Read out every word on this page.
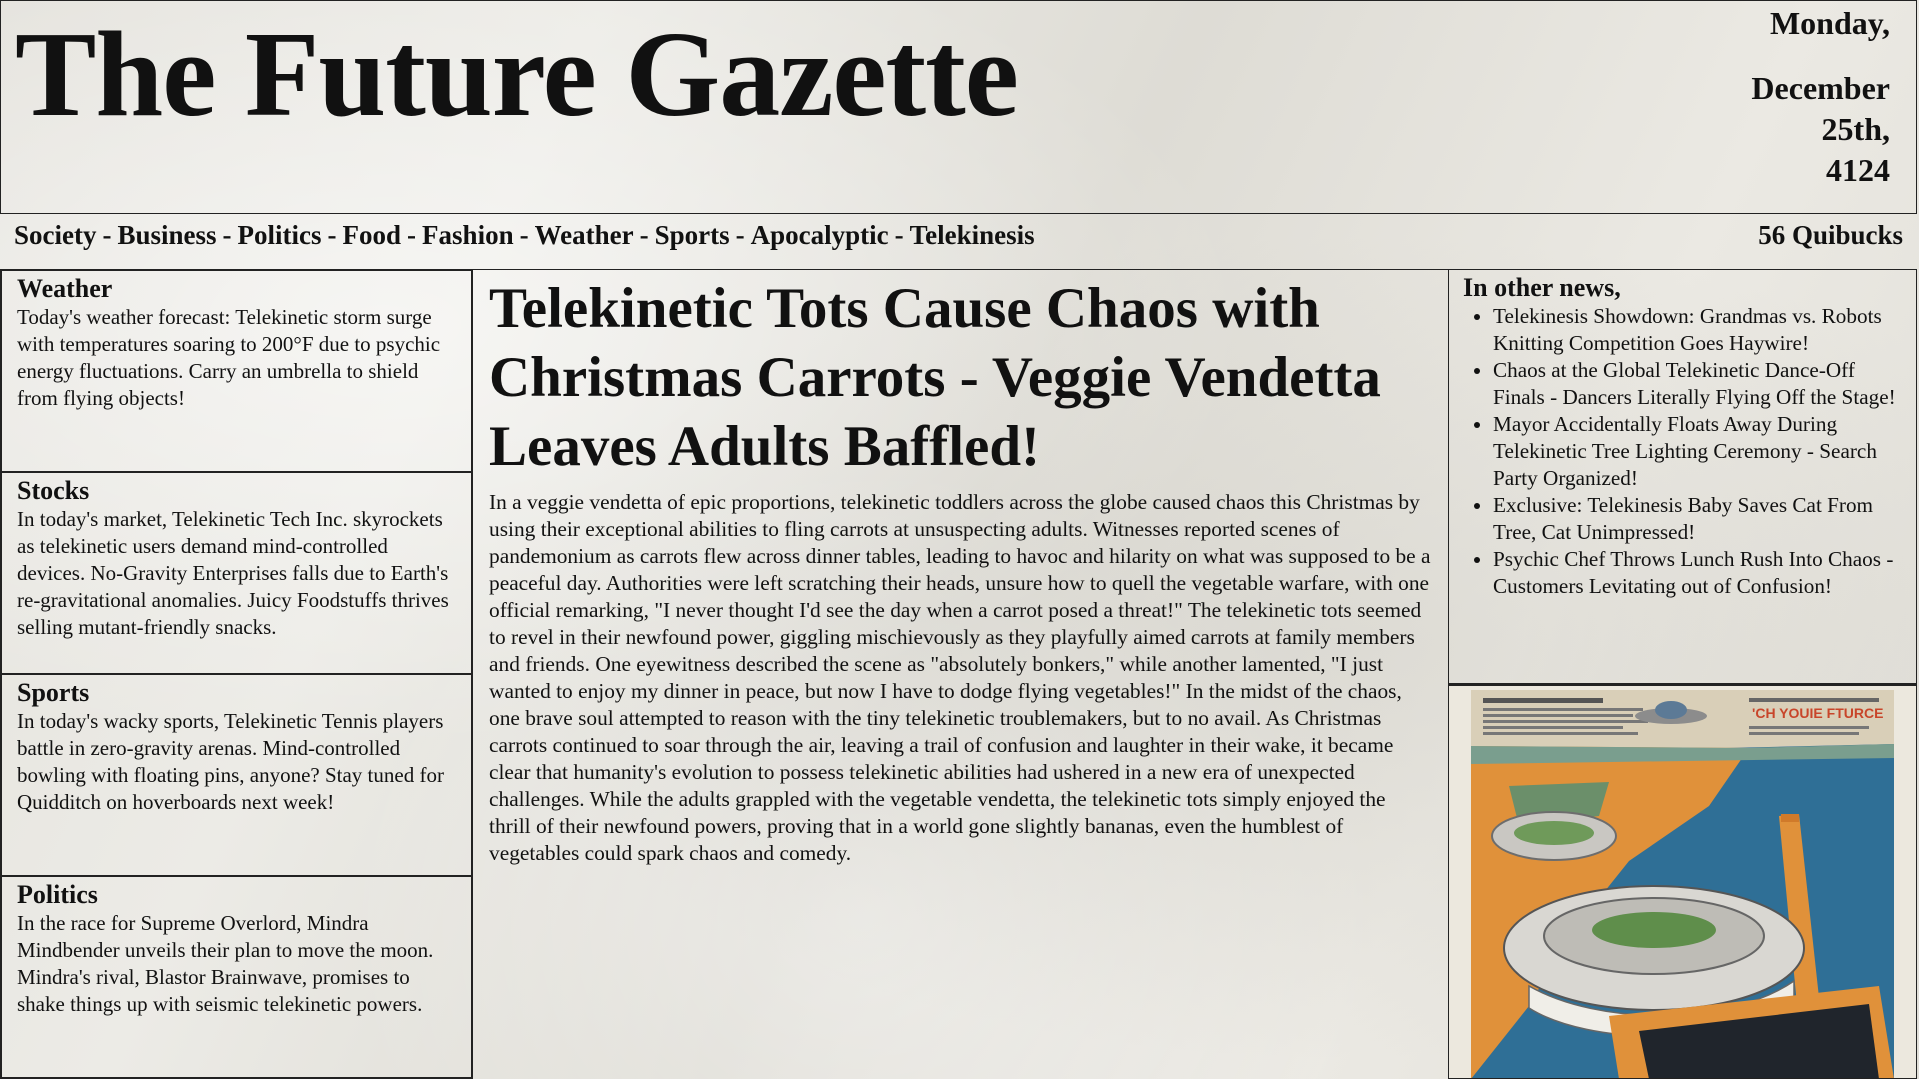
The Future Gazette	Monday,
December
25th,
4124
Society - Business - Politics - Food - Fashion - Weather - Sports - Apocalyptic - Telekinesis	56 Quibucks
Weather

Today's weather forecast: Telekinetic storm surge with temperatures soaring to 200°F due to psychic energy fluctuations. Carry an umbrella to shield from flying objects!

Stocks

In today's market, Telekinetic Tech Inc. skyrockets as telekinetic users demand mind-controlled devices. No-Gravity Enterprises falls due to Earth's re-gravitational anomalies. Juicy Foodstuffs thrives selling mutant-friendly snacks.

Sports

In today's wacky sports, Telekinetic Tennis players battle in zero-gravity arenas. Mind-controlled bowling with floating pins, anyone? Stay tuned for Quidditch on hoverboards next week!

Politics

In the race for Supreme Overlord, Mindra Mindbender unveils their plan to move the moon. Mindra's rival, Blastor Brainwave, promises to shake things up with seismic telekinetic powers.

Telekinetic Tots Cause Chaos with Christmas Carrots - Veggie Vendetta Leaves Adults Baffled!

In a veggie vendetta of epic proportions, telekinetic toddlers across the globe caused chaos this Christmas by using their exceptional abilities to fling carrots at unsuspecting adults. Witnesses reported scenes of pandemonium as carrots flew across dinner tables, leading to havoc and hilarity on what was supposed to be a peaceful day. Authorities were left scratching their heads, unsure how to quell the vegetable warfare, with one official remarking, "I never thought I'd see the day when a carrot posed a threat!" The telekinetic tots seemed to revel in their newfound power, giggling mischievously as they playfully aimed carrots at family members and friends. One eyewitness described the scene as "absolutely bonkers," while another lamented, "I just wanted to enjoy my dinner in peace, but now I have to dodge flying vegetables!" In the midst of the chaos, one brave soul attempted to reason with the tiny telekinetic troublemakers, but to no avail. As Christmas carrots continued to soar through the air, leaving a trail of confusion and laughter in their wake, it became clear that humanity's evolution to possess telekinetic abilities had ushered in a new era of unexpected challenges. While the adults grappled with the vegetable vendetta, the telekinetic tots simply enjoyed the thrill of their newfound powers, proving that in a world gone slightly bananas, even the humblest of vegetables could spark chaos and comedy.

In other news,
• Telekinesis Showdown: Grandmas vs. Robots Knitting Competition Goes Haywire!
• Chaos at the Global Telekinetic Dance-Off Finals - Dancers Literally Flying Off the Stage!
• Mayor Accidentally Floats Away During Telekinetic Tree Lighting Ceremony - Search Party Organized!
• Exclusive: Telekinesis Baby Saves Cat From Tree, Cat Unimpressed!
• Psychic Chef Throws Lunch Rush Into Chaos - Customers Levitating out of Confusion!
'CH YOUIE FTURCE
